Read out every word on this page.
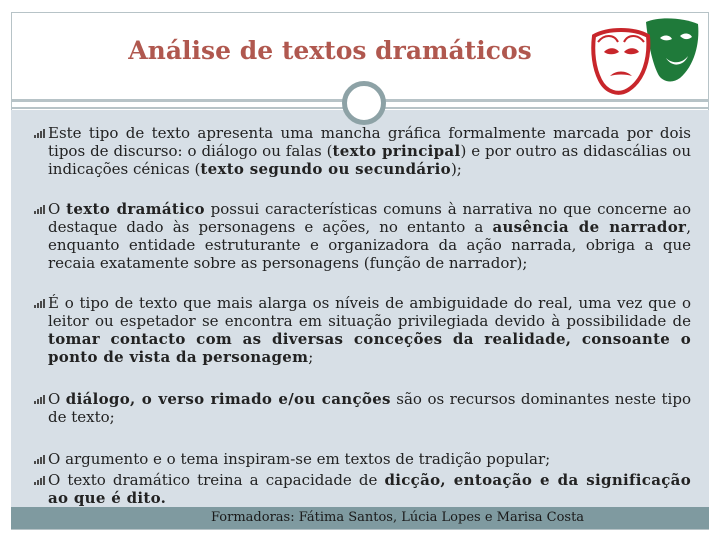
Análise de textos dramáticos
Este tipo de texto apresenta uma mancha gráfica formalmente marcada por dois tipos de discurso: o diálogo ou falas (texto principal) e por outro as didascálias ou indicações cénicas (texto segundo ou secundário);
O texto dramático possui características comuns à narrativa no que concerne ao destaque dado às personagens e ações, no entanto a ausência de narrador, enquanto entidade estruturante e organizadora da ação narrada, obriga a que recaia exatamente sobre as personagens (função de narrador);
É o tipo de texto que mais alarga os níveis de ambiguidade do real, uma vez que o leitor ou espetador se encontra em situação privilegiada devido à possibilidade de tomar contacto com as diversas conceções da realidade, consoante o ponto de vista da personagem;
O diálogo, o verso rimado e/ou canções são os recursos dominantes neste tipo de texto;
O argumento e o tema inspiram-se em textos de tradição popular;
O texto dramático treina a capacidade de dicção, entoação e da significação ao que é dito.
Formadoras: Fátima Santos, Lúcia Lopes e Marisa Costa
